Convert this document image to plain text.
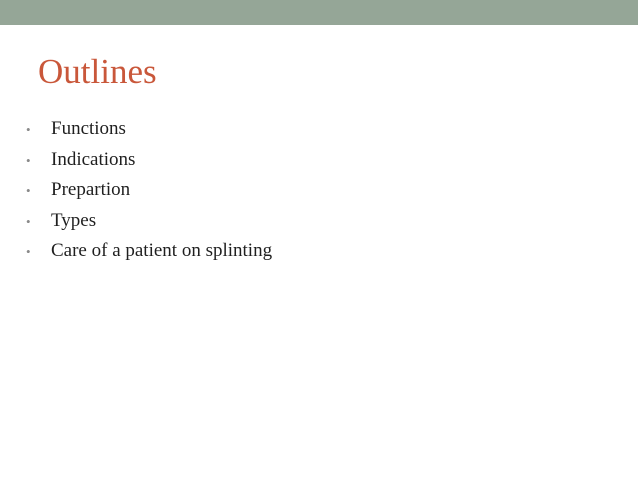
Outlines
•	Functions
•	Indications
•	Prepartion
•	Types
•	Care of a patient on splinting
